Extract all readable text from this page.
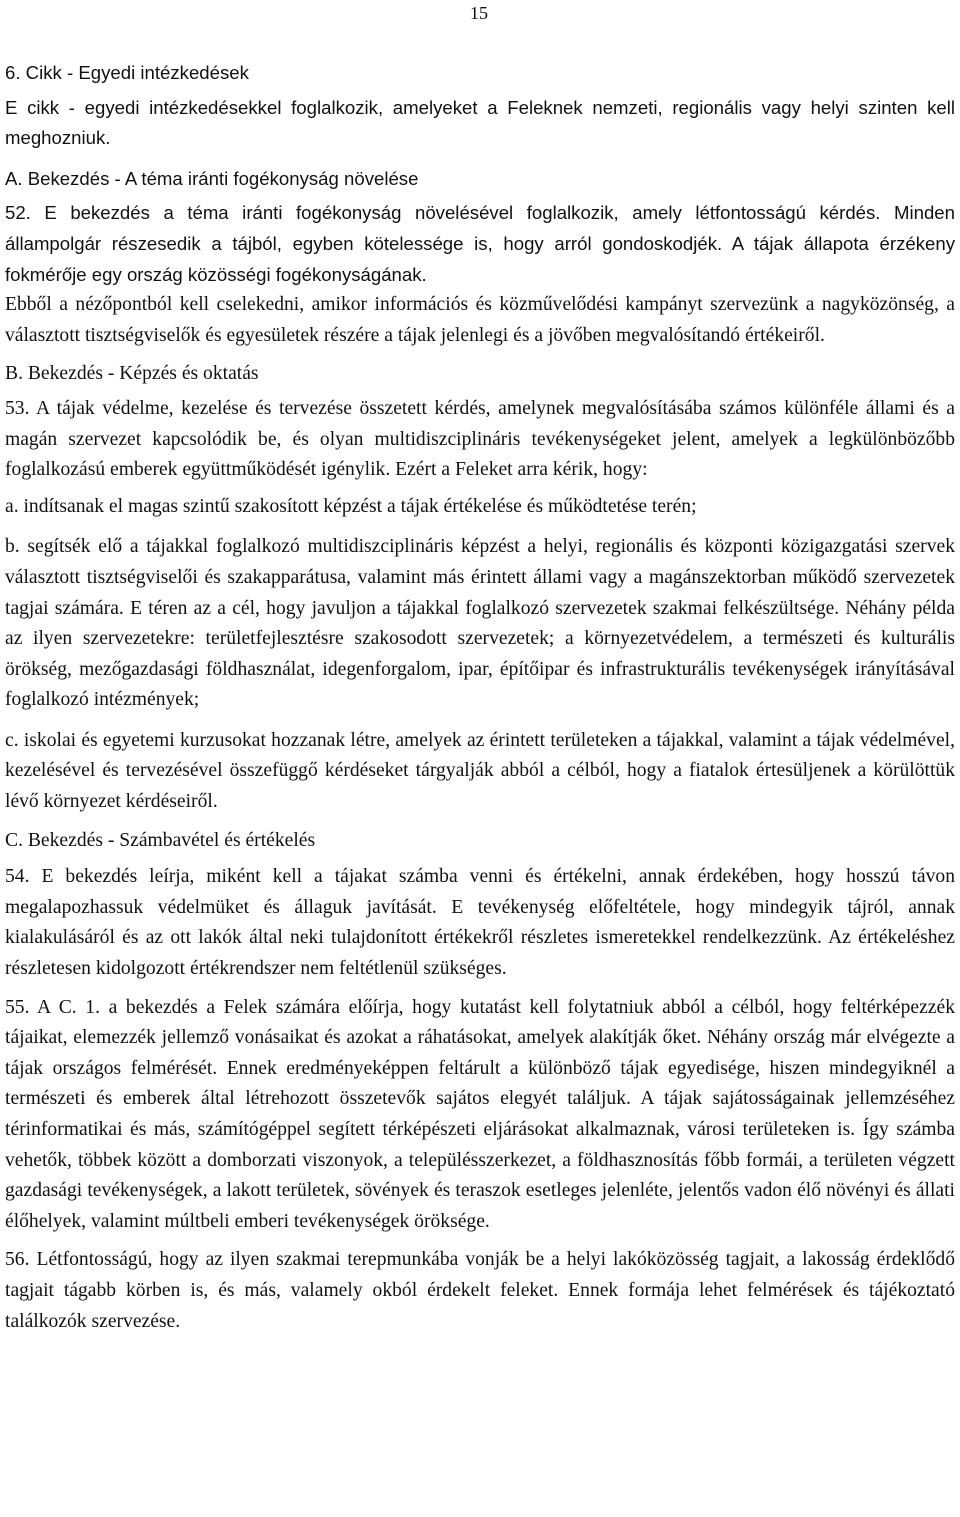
15

6. Cikk - Egyedi intézkedések

E cikk - egyedi intézkedésekkel foglalkozik, amelyeket a Feleknek nemzeti, regionális vagy helyi szinten kell meghozniuk.

A. Bekezdés - A téma iránti fogékonyság növelése

52. E bekezdés a téma iránti fogékonyság növelésével foglalkozik, amely létfontosságú kérdés. Minden állampolgár részesedik a tájból, egyben kötelessége is, hogy arról gondoskodjék. A tájak állapota érzékeny fokmérője egy ország közösségi fogékonyságának.

Ebből a nézőpontból kell cselekedni, amikor információs és közművelődési kampányt szervezünk a nagyközönség, a választott tisztségviselők és egyesületek részére a tájak jelenlegi és a jövőben megvalósítandó értékeiről.

B. Bekezdés - Képzés és oktatás

53. A tájak védelme, kezelése és tervezése összetett kérdés, amelynek megvalósításába számos különféle állami és a magán szervezet kapcsolódik be, és olyan multidiszciplináris tevékenységeket jelent, amelyek a legkülönbözőbb foglalkozású emberek együttműködését igénylik. Ezért a Feleket arra kérik, hogy:

a. indítsanak el magas szintű szakosított képzést a tájak értékelése és működtetése terén;

b. segítsék elő a tájakkal foglalkozó multidiszciplináris képzést a helyi, regionális és központi közigazgatási szervek választott tisztségviselői és szakapparátusa, valamint más érintett állami vagy a magánszektorban működő szervezetek tagjai számára. E téren az a cél, hogy javuljon a tájakkal foglalkozó szervezetek szakmai felkészültsége. Néhány példa az ilyen szervezetekre: területfejlesztésre szakosodott szervezetek; a környezetvédelem, a természeti és kulturális örökség, mezőgazdasági földhasználat, idegenforgalom, ipar, építőipar és infrastrukturális tevékenységek irányításával foglalkozó intézmények;

c. iskolai és egyetemi kurzusokat hozzanak létre, amelyek az érintett területeken a tájakkal, valamint a tájak védelmével, kezelésével és tervezésével összefüggő kérdéseket tárgyalják abból a célból, hogy a fiatalok értesüljenek a körülöttük lévő környezet kérdéseiről.

C. Bekezdés - Számbavétel és értékelés

54. E bekezdés leírja, miként kell a tájakat számba venni és értékelni, annak érdekében, hogy hosszú távon megalapozhassuk védelmüket és állaguk javítását. E tevékenység előfeltétele, hogy mindegyik tájról, annak kialakulásáról és az ott lakók által neki tulajdonított értékekről részletes ismeretekkel rendelkezzünk. Az értékeléshez részletesen kidolgozott értékrendszer nem feltétlenül szükséges.

55. A C. 1. a bekezdés a Felek számára előírja, hogy kutatást kell folytatniuk abból a célból, hogy feltérképezzék tájaikat, elemezzék jellemző vonásaikat és azokat a ráhatásokat, amelyek alakítják őket. Néhány ország már elvégezte a tájak országos felmérését. Ennek eredményeképpen feltárult a különböző tájak egyedisége, hiszen mindegyiknél a természeti és emberek által létrehozott összetevők sajátos elegyét találjuk. A tájak sajátosságainak jellemzéséhez térinformatikai és más, számítógéppel segített térképészeti eljárásokat alkalmaznak, városi területeken is. Így számba vehetők, többek között a domborzati viszonyok, a településszerkezet, a földhasznosítás főbb formái, a területen végzett gazdasági tevékenységek, a lakott területek, sövények és teraszok esetleges jelenléte, jelentős vadon élő növényi és állati élőhelyek, valamint múltbeli emberi tevékenységek öröksége.

56. Létfontosságú, hogy az ilyen szakmai terepmunkába vonják be a helyi lakóközösség tagjait, a lakosság érdeklődő tagjait tágabb körben is, és más, valamely okból érdekelt feleket. Ennek formája lehet felmérések és tájékoztató találkozók szervezése.
